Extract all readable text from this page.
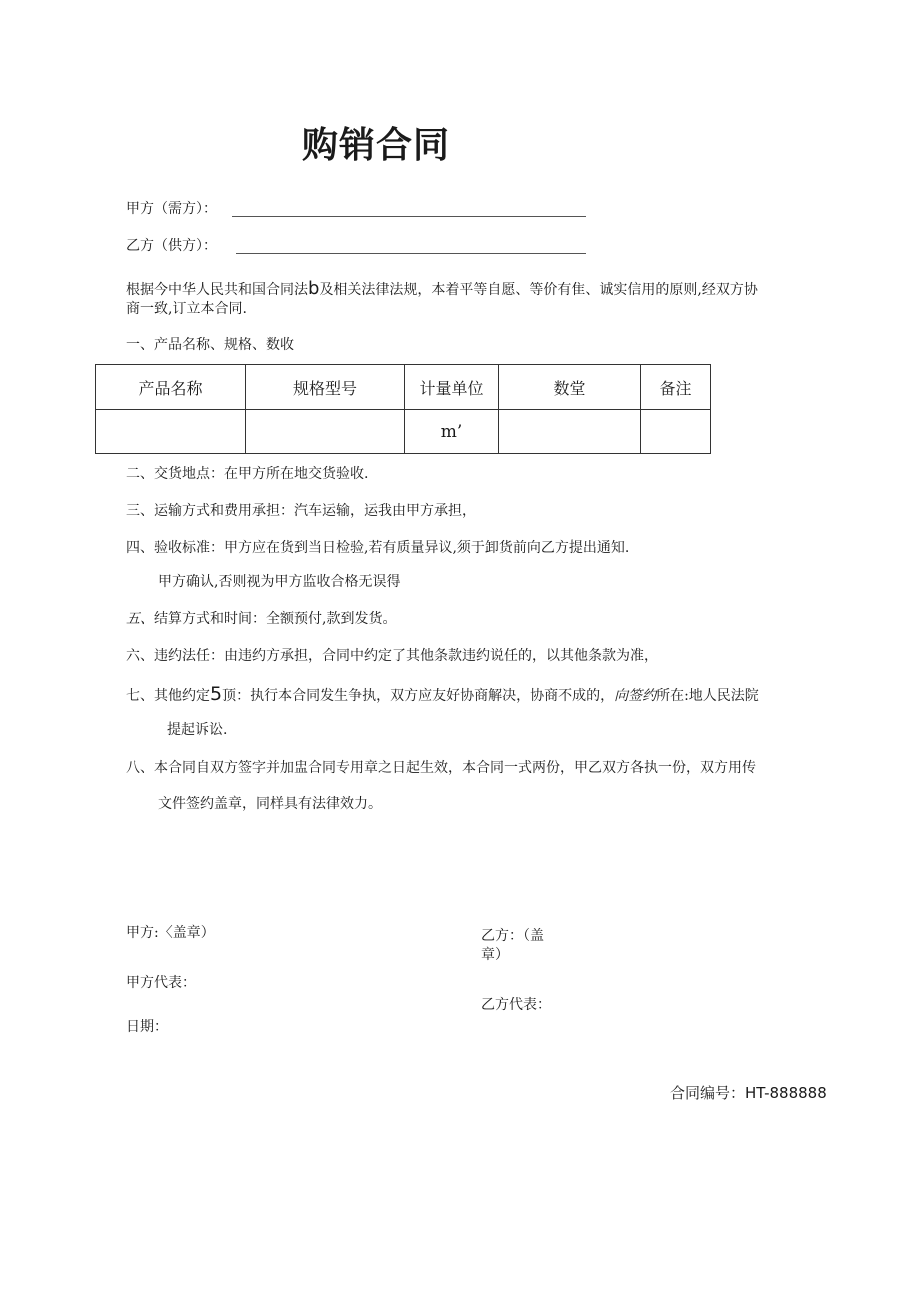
购销合同
甲方（需方）：
乙方（供方）：
根据今中华人民共和国合同法b及相关法律法规，本着平等自愿、等价有隹、诚实信用的原则,经双方协
商一致,订立本合同.
一、产品名称、规格、数收
产品名称	规格型号	计量单位	数堂	备注
		m’		
二、交货地点：在甲方所在地交货验收.
三、运输方式和费用承担：汽车运输，运我由甲方承担，
四、验收标准：甲方应在货到当日检验,若有质量异议,须于卸货前向乙方提出通知.
甲方确认,否则视为甲方监收合格无误得
五、结算方式和时间：全额预付,款到发货。
六、违约法任：由违约方承担，合同中约定了其他条款违约说任的，以其他条款为准，
七、其他约定5顶：执行本合同发生争执，双方应友好协商解决，协商不成的，向签约所在:地人民法院
提起诉讼.
八、本合同自双方签字并加盅合同专用章之日起生效，本合同一式两份，甲乙双方各执一份，双方用传
文件签约盖章，同样具有法律效力。
甲方:〈盖章）
甲方代表：
日期：
乙方：（盖
章）
乙方代表：
合同编号：HT-888888
